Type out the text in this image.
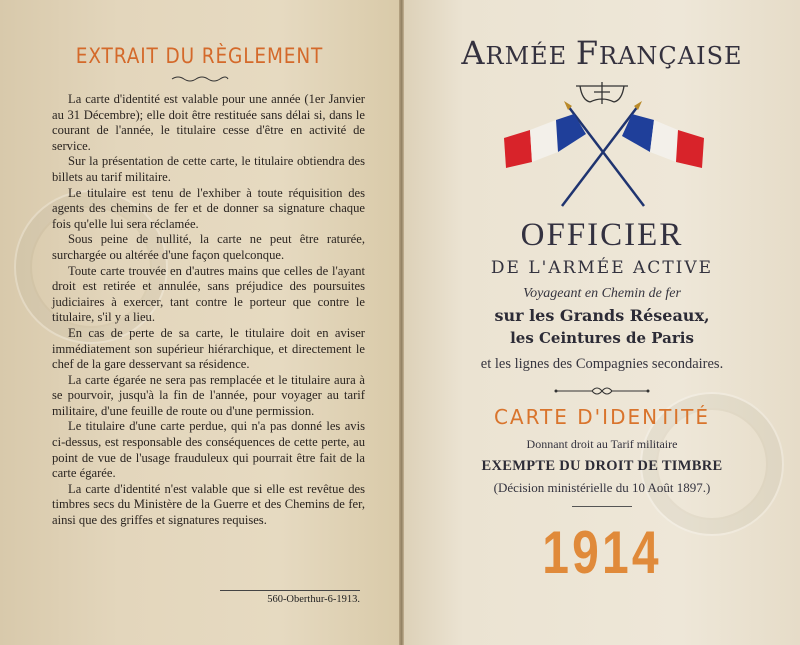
EXTRAIT DU RÈGLEMENT

La carte d'identité est valable pour une année (1er Janvier au 31 Décembre); elle doit être restituée sans délai si, dans le courant de l'année, le titulaire cesse d'être en activité de service.

Sur la présentation de cette carte, le titulaire obtiendra des billets au tarif militaire.

Le titulaire est tenu de l'exhiber à toute réquisition des agents des chemins de fer et de donner sa signature chaque fois qu'elle lui sera réclamée.

Sous peine de nullité, la carte ne peut être raturée, surchargée ou altérée d'une façon quelconque.

Toute carte trouvée en d'autres mains que celles de l'ayant droit est retirée et annulée, sans préjudice des poursuites judiciaires à exercer, tant contre le porteur que contre le titulaire, s'il y a lieu.

En cas de perte de sa carte, le titulaire doit en aviser immédiatement son supérieur hiérarchique, et directement le chef de la gare desservant sa résidence.

La carte égarée ne sera pas remplacée et le titulaire aura à se pourvoir, jusqu'à la fin de l'année, pour voyager au tarif militaire, d'une feuille de route ou d'une permission.

Le titulaire d'une carte perdue, qui n'a pas donné les avis ci-dessus, est responsable des conséquences de cette perte, au point de vue de l'usage frauduleux qui pourrait être fait de la carte égarée.

La carte d'identité n'est valable que si elle est revêtue des timbres secs du Ministère de la Guerre et des Chemins de fer, ainsi que des griffes et signatures requises.

560-Oberthur-6-1913.
ARMÉE FRANÇAISE
OFFICIER
DE L'ARMÉE ACTIVE
Voyageant en Chemin de fer
sur les Grands Réseaux,
les Ceintures de Paris
et les lignes des Compagnies secondaires.
CARTE D'IDENTITÉ
Donnant droit au Tarif militaire
EXEMPTE DU DROIT DE TIMBRE
(Décision ministérielle du 10 Août 1897.)
1914
